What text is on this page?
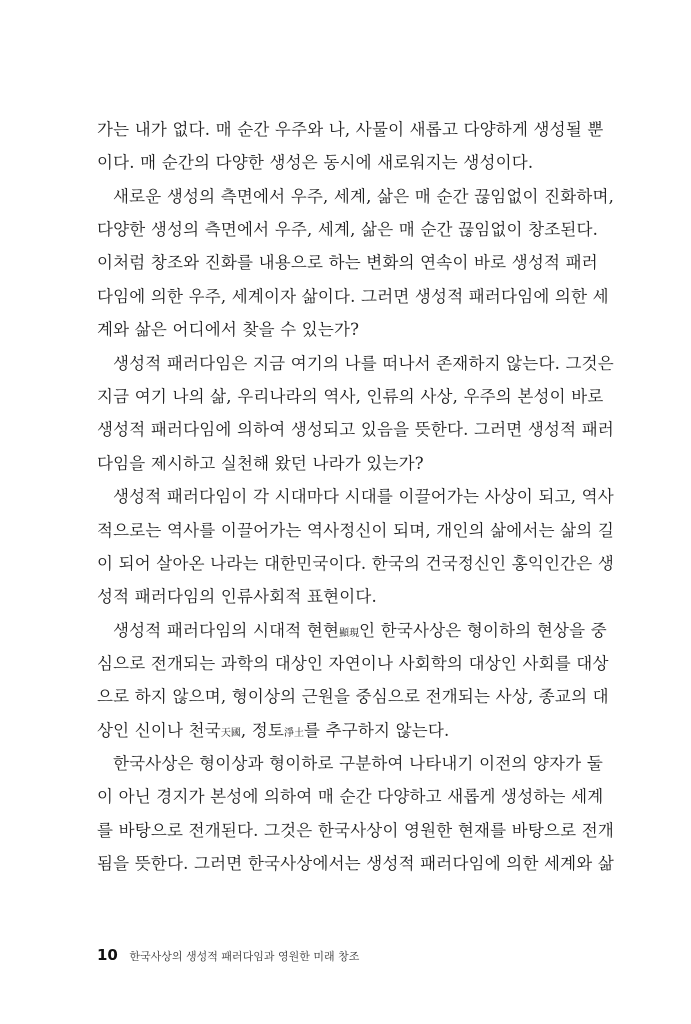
가는 내가 없다. 매 순간 우주와 나, 사물이 새롭고 다양하게 생성될 뿐
이다. 매 순간의 다양한 생성은 동시에 새로워지는 생성이다.
새로운 생성의 측면에서 우주, 세계, 삶은 매 순간 끊임없이 진화하며,
다양한 생성의 측면에서 우주, 세계, 삶은 매 순간 끊임없이 창조된다.
이처럼 창조와 진화를 내용으로 하는 변화의 연속이 바로 생성적 패러
다임에 의한 우주, 세계이자 삶이다. 그러면 생성적 패러다임에 의한 세
계와 삶은 어디에서 찾을 수 있는가?
생성적 패러다임은 지금 여기의 나를 떠나서 존재하지 않는다. 그것은
지금 여기 나의 삶, 우리나라의 역사, 인류의 사상, 우주의 본성이 바로
생성적 패러다임에 의하여 생성되고 있음을 뜻한다. 그러면 생성적 패러
다임을 제시하고 실천해 왔던 나라가 있는가?
생성적 패러다임이 각 시대마다 시대를 이끌어가는 사상이 되고, 역사
적으로는 역사를 이끌어가는 역사정신이 되며, 개인의 삶에서는 삶의 길
이 되어 살아온 나라는 대한민국이다. 한국의 건국정신인 홍익인간은 생
성적 패러다임의 인류사회적 표현이다.
생성적 패러다임의 시대적 현현顯現인 한국사상은 형이하의 현상을 중
심으로 전개되는 과학의 대상인 자연이나 사회학의 대상인 사회를 대상
으로 하지 않으며, 형이상의 근원을 중심으로 전개되는 사상, 종교의 대
상인 신이나 천국天國, 정토淨土를 추구하지 않는다.
한국사상은 형이상과 형이하로 구분하여 나타내기 이전의 양자가 둘
이 아닌 경지가 본성에 의하여 매 순간 다양하고 새롭게 생성하는 세계
를 바탕으로 전개된다. 그것은 한국사상이 영원한 현재를 바탕으로 전개
됨을 뜻한다. 그러면 한국사상에서는 생성적 패러다임에 의한 세계와 삶
10 한국사상의 생성적 패러다임과 영원한 미래 창조
